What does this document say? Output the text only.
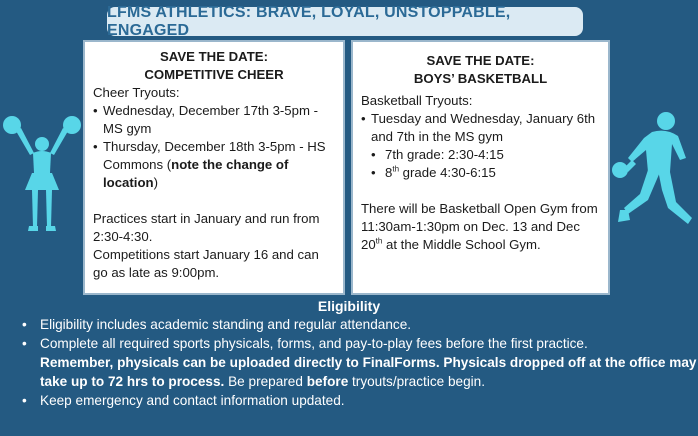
LFMS ATHLETICS: BRAVE, LOYAL, UNSTOPPABLE, ENGAGED
SAVE THE DATE:
COMPETITIVE CHEER

Cheer Tryouts:

• Wednesday, December 17th 3-5pm - MS gym
• Thursday, December 18th 3-5pm - HS Commons (note the change of location)

Practices start in January and run from 2:30-4:30.

Competitions start January 16 and can go as late as 9:00pm.

SAVE THE DATE:
BOYS’ BASKETBALL

Basketball Tryouts:

• Tuesday and Wednesday, January 6th and 7th in the MS gym
• 7th grade: 2:30-4:15
• 8th grade 4:30-6:15

There will be Basketball Open Gym from 11:30am-1:30pm on Dec. 13 and Dec 20th at the Middle School Gym.

Eligibility
• Eligibility includes academic standing and regular attendance.
• Complete all required sports physicals, forms, and pay-to-play fees before the first practice.
Remember, physicals can be uploaded directly to FinalForms. Physicals dropped off at the office may take up to 72 hrs to process. Be prepared before tryouts/practice begin.
• Keep emergency and contact information updated.
